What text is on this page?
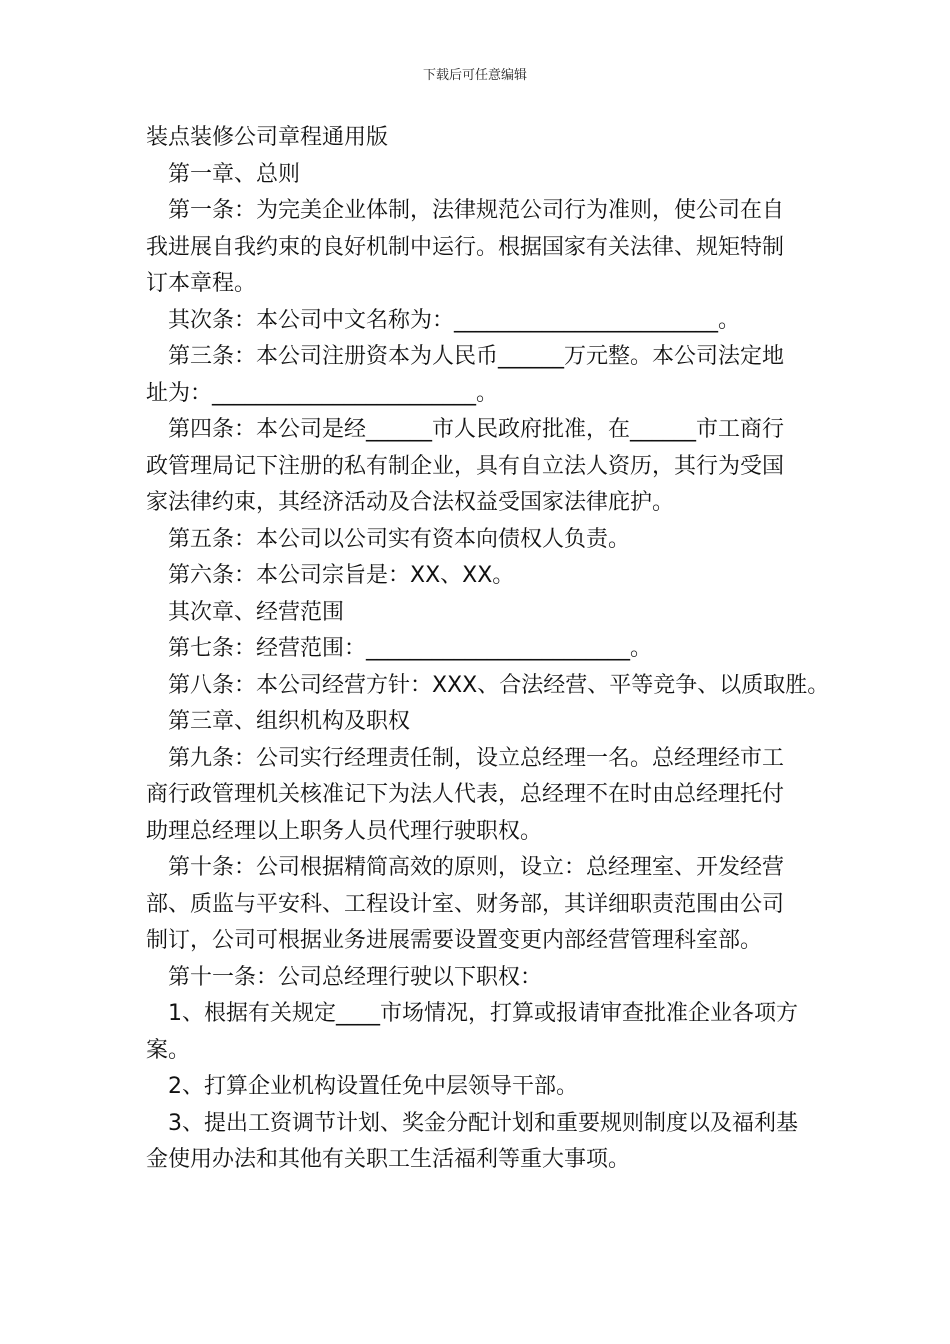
下载后可任意编辑

装点装修公司章程通用版

　第一章、总则

　第一条：为完美企业体制，法律规范公司行为准则，使公司在自

我进展自我约束的良好机制中运行。根据国家有关法律、规矩特制

订本章程。

　其次条：本公司中文名称为：________________________。

　第三条：本公司注册资本为人民币______万元整。本公司法定地

址为：________________________。

　第四条：本公司是经______市人民政府批准，在______市工商行

政管理局记下注册的私有制企业，具有自立法人资历，其行为受国

家法律约束，其经济活动及合法权益受国家法律庇护。

　第五条：本公司以公司实有资本向债权人负责。

　第六条：本公司宗旨是：XX、XX。

　其次章、经营范围

　第七条：经营范围：________________________。

　第八条：本公司经营方针：XXX、合法经营、平等竞争、以质取胜。

　第三章、组织机构及职权

　第九条：公司实行经理责任制，设立总经理一名。总经理经市工

商行政管理机关核准记下为法人代表，总经理不在时由总经理托付

助理总经理以上职务人员代理行驶职权。

　第十条：公司根据精简高效的原则，设立：总经理室、开发经营

部、质监与平安科、工程设计室、财务部，其详细职责范围由公司

制订，公司可根据业务进展需要设置变更内部经营管理科室部。

　第十一条：公司总经理行驶以下职权：

　1、根据有关规定____市场情况，打算或报请审查批准企业各项方

案。

　2、打算企业机构设置任免中层领导干部。

　3、提出工资调节计划、奖金分配计划和重要规则制度以及福利基

金使用办法和其他有关职工生活福利等重大事项。
